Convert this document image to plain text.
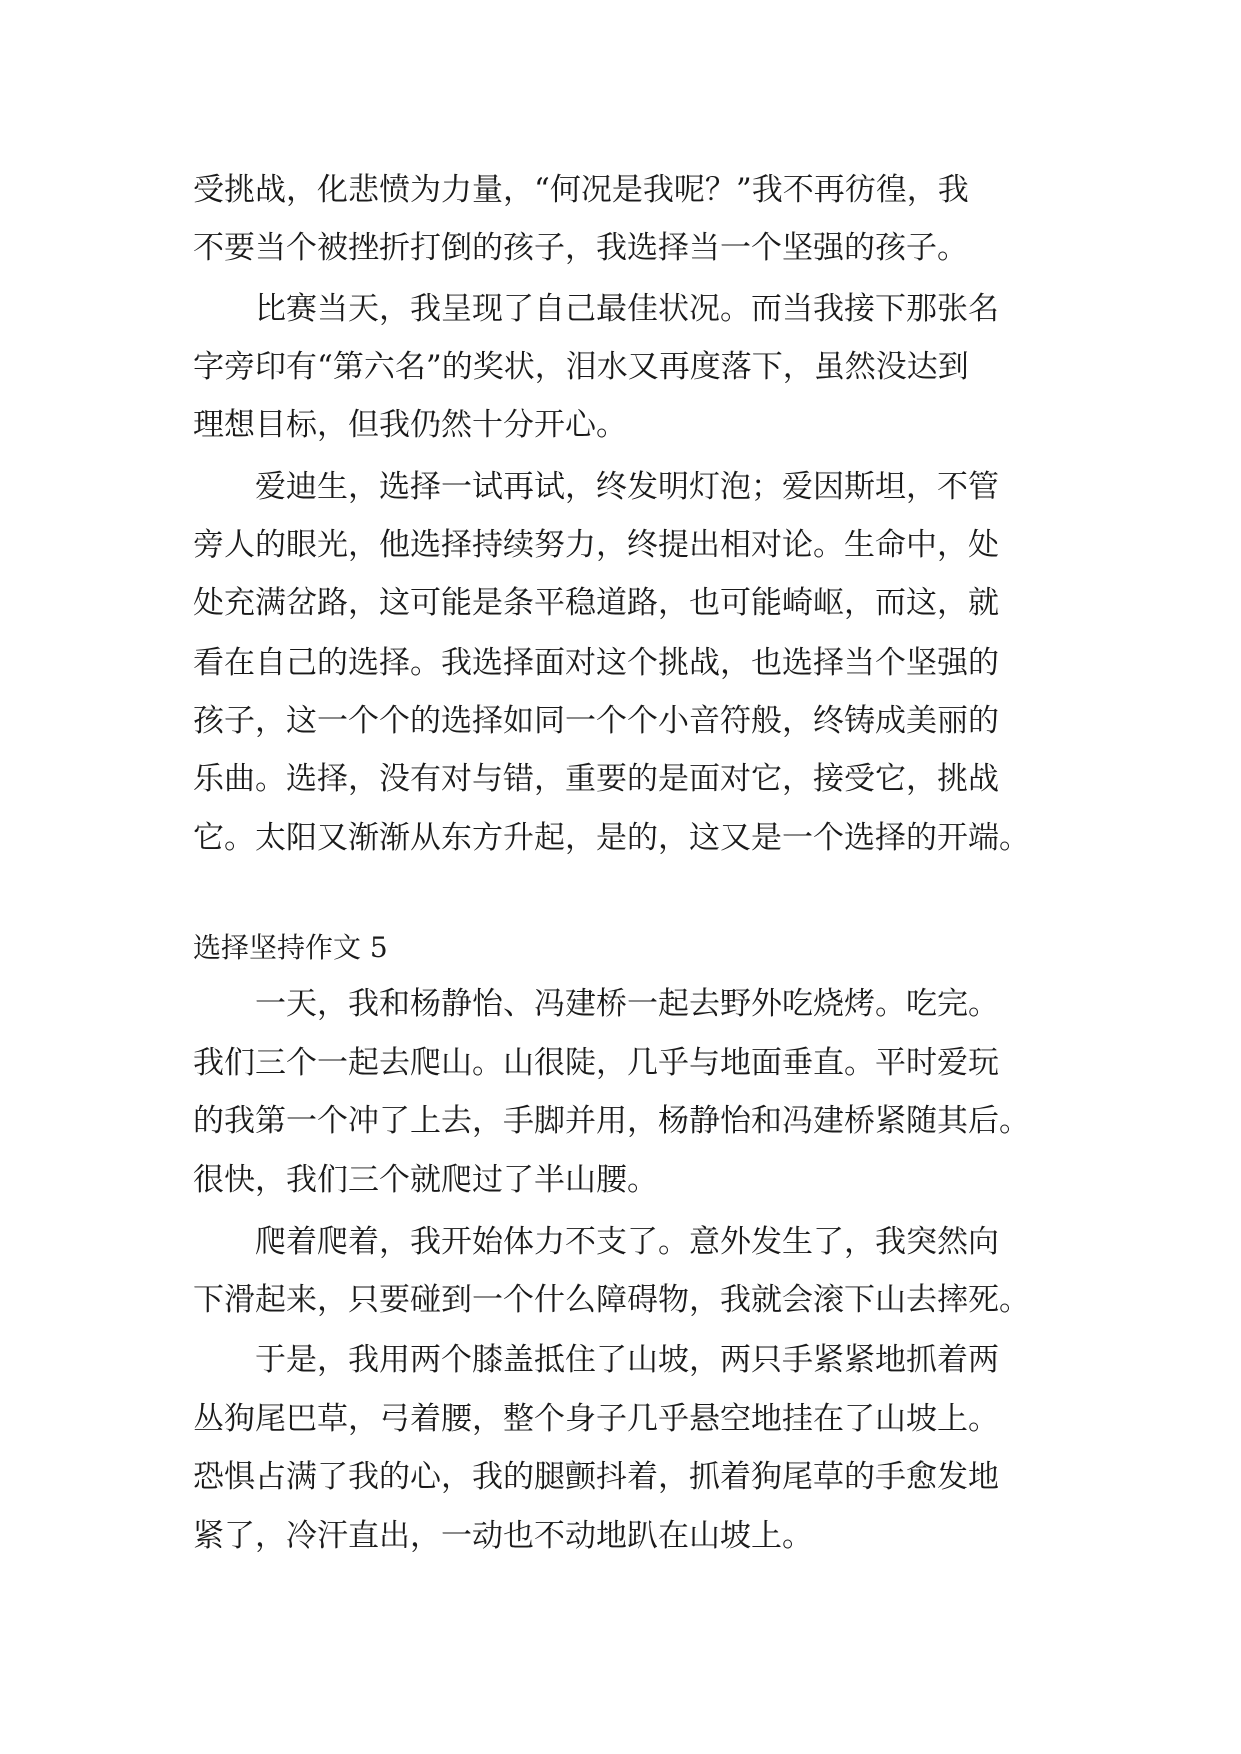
受挑战，化悲愤为力量，“何况是我呢？”我不再彷徨，我
不要当个被挫折打倒的孩子，我选择当一个坚强的孩子。
比赛当天，我呈现了自己最佳状况。而当我接下那张名
字旁印有“第六名”的奖状，泪水又再度落下，虽然没达到
理想目标，但我仍然十分开心。
爱迪生，选择一试再试，终发明灯泡；爱因斯坦，不管
旁人的眼光，他选择持续努力，终提出相对论。生命中，处
处充满岔路，这可能是条平稳道路，也可能崎岖，而这，就
看在自己的选择。我选择面对这个挑战，也选择当个坚强的
孩子，这一个个的选择如同一个个小音符般，终铸成美丽的
乐曲。选择，没有对与错，重要的是面对它，接受它，挑战
它。太阳又渐渐从东方升起，是的，这又是一个选择的开端。
选择坚持作文 5
一天，我和杨静怡、冯建桥一起去野外吃烧烤。吃完。
我们三个一起去爬山。山很陡，几乎与地面垂直。平时爱玩
的我第一个冲了上去，手脚并用，杨静怡和冯建桥紧随其后。
很快，我们三个就爬过了半山腰。
爬着爬着，我开始体力不支了。意外发生了，我突然向
下滑起来，只要碰到一个什么障碍物，我就会滚下山去摔死。
于是，我用两个膝盖抵住了山坡，两只手紧紧地抓着两
丛狗尾巴草，弓着腰，整个身子几乎悬空地挂在了山坡上。
恐惧占满了我的心，我的腿颤抖着，抓着狗尾草的手愈发地
紧了，冷汗直出，一动也不动地趴在山坡上。
